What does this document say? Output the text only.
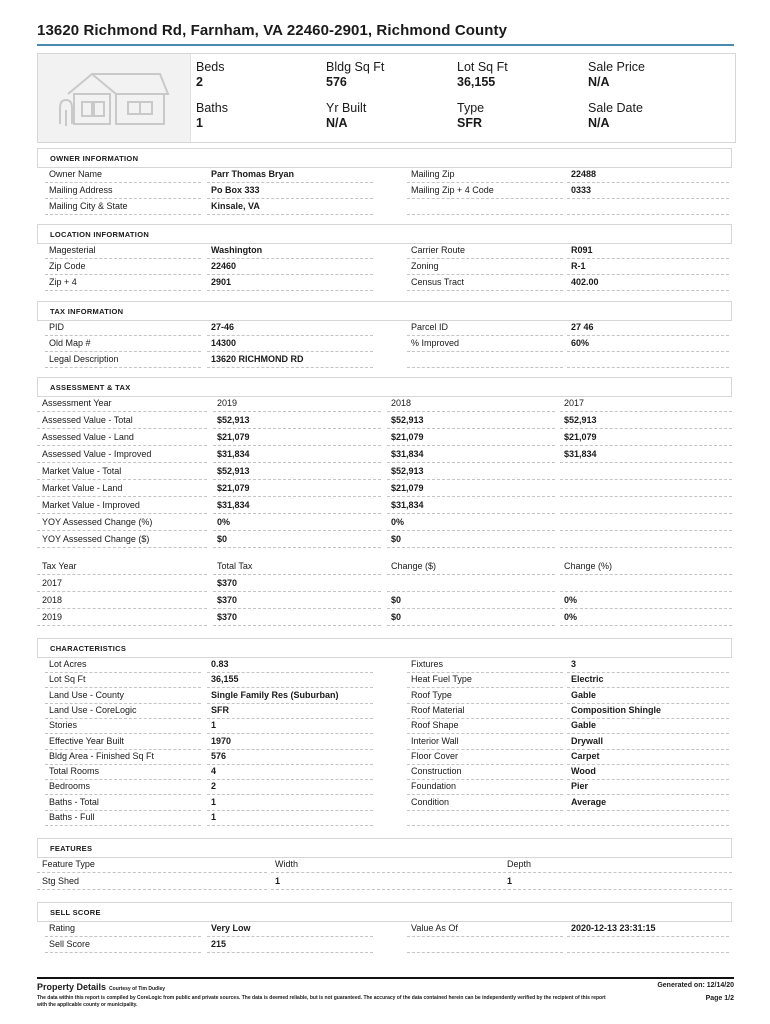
13620 Richmond Rd, Farnham, VA 22460-2901, Richmond County
Beds
2
Bldg Sq Ft
576
Lot Sq Ft
36,155
Sale Price
N/A
Baths
1
Yr Built
N/A
Type
SFR
Sale Date
N/A
OWNER INFORMATION
LOCATION INFORMATION
TAX INFORMATION
ASSESSMENT & TAX
CHARACTERISTICS
FEATURES
SELL SCORE
Owner Name	Parr Thomas Bryan	Mailing Zip	22488
Mailing Address	Po Box 333	Mailing Zip + 4 Code	0333
Mailing City & State	Kinsale, VA
Magesterial	Washington	Carrier Route	R091
Zip Code	22460	Zoning	R-1
Zip + 4	2901	Census Tract	402.00
PID	27-46	Parcel ID	27 46
Old Map #	14300	% Improved	60%
Legal Description	13620 RICHMOND RD
Assessment Year	2019	2018	2017
Assessed Value - Total	$52,913	$52,913	$52,913
Assessed Value - Land	$21,079	$21,079	$21,079
Assessed Value - Improved	$31,834	$31,834	$31,834
Market Value - Total	$52,913	$52,913
Market Value - Land	$21,079	$21,079
Market Value - Improved	$31,834	$31,834
YOY Assessed Change (%)	0%	0%
YOY Assessed Change ($)	$0	$0
Tax Year	Total Tax	Change ($)	Change (%)
2017	$370
2018	$370	$0	0%
2019	$370	$0	0%
Lot Acres	0.83	Fixtures	3
Lot Sq Ft	36,155	Heat Fuel Type	Electric
Land Use - County	Single Family Res (Suburban)	Roof Type	Gable
Land Use - CoreLogic	SFR	Roof Material	Composition Shingle
Stories	1	Roof Shape	Gable
Effective Year Built	1970	Interior Wall	Drywall
Bldg Area - Finished Sq Ft	576	Floor Cover	Carpet
Total Rooms	4	Construction	Wood
Bedrooms	2	Foundation	Pier
Baths - Total	1	Condition	Average
Baths - Full	1
Feature Type	Width	Depth
Stg Shed	1	1
Rating	Very Low	Value As Of	2020-12-13 23:31:15
Sell Score	215
Property Details Courtesy of Tim Dudley	Generated on: 12/14/20
Page 1/2
The data within this report is compiled by CoreLogic from public and private sources. The data is deemed reliable, but is not guaranteed. The accuracy of the data contained herein can be independently verified by the recipient of this report with the applicable county or municipality.
